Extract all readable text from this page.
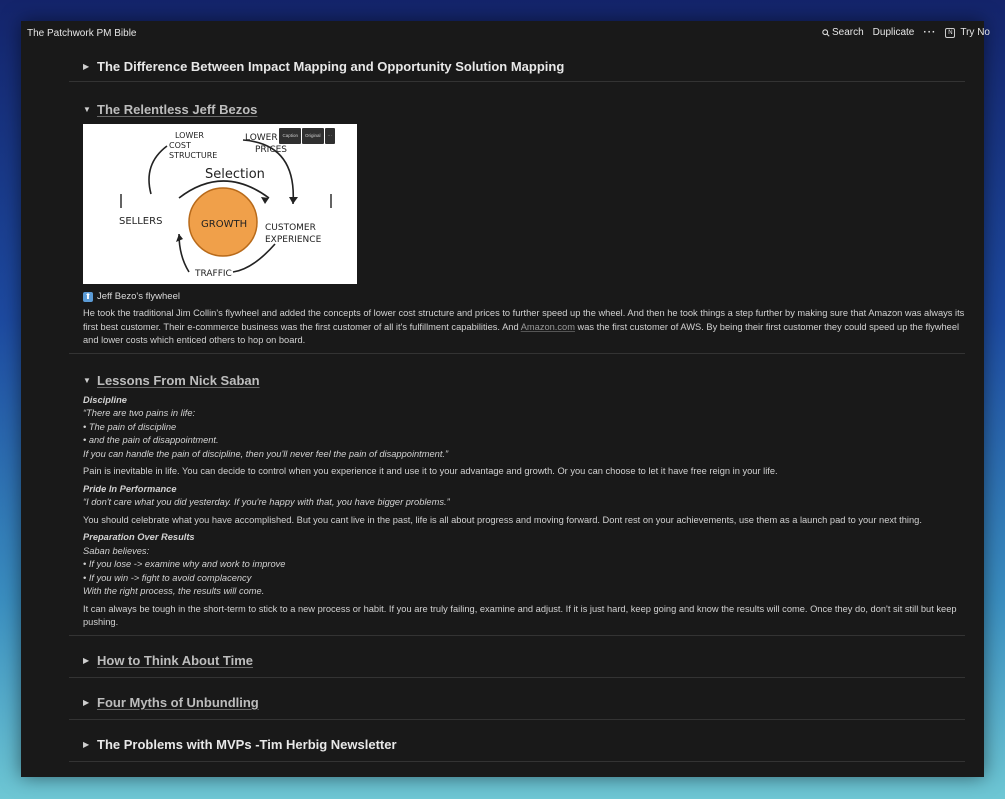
The Patchwork PM Bible	Search Duplicate ···	N Try No
▶ The Difference Between Impact Mapping and Opportunity Solution Mapping
▼ The Relentless Jeff Bezos
LOWER
COST
STRUCTURE
LOWER
PRICES
Selection
SELLERS	GROWTH CUSTOMER
EXPERIENCE
TRAFFIC
Caption	Original	···
⬆ Jeff Bezo's flywheel

He took the traditional Jim Collin's flywheel and added the concepts of lower cost structure and prices to further speed up the wheel. And then he took things a step further by making sure that Amazon was always its first best customer. Their e-commerce business was the first customer of all it's fulfillment capabilities. And Amazon.com was the first customer of AWS. By being their first customer they could speed up the flywheel and lower costs which enticed others to hop on board.

▼ Lessons From Nick Saban

Discipline

“There are two pains in life:

• The pain of discipline

• and the pain of disappointment.

If you can handle the pain of discipline, then you'll never feel the pain of disappointment.”

Pain is inevitable in life. You can decide to control when you experience it and use it to your advantage and growth. Or you can choose to let it have free reign in your life.

Pride In Performance

“I don't care what you did yesterday. If you're happy with that, you have bigger problems.”

You should celebrate what you have accomplished. But you cant live in the past, life is all about progress and moving forward. Dont rest on your achievements, use them as a launch pad to your next thing.

Preparation Over Results

Saban believes:

• If you lose -> examine why and work to improve

• If you win -> fight to avoid complacency

With the right process, the results will come.

It can always be tough in the short-term to stick to a new process or habit. If you are truly failing, examine and adjust. If it is just hard, keep going and know the results will come. Once they do, don't sit still but keep pushing.

▶ How to Think About Time
▶ Four Myths of Unbundling
▶ The Problems with MVPs -Tim Herbig Newsletter
